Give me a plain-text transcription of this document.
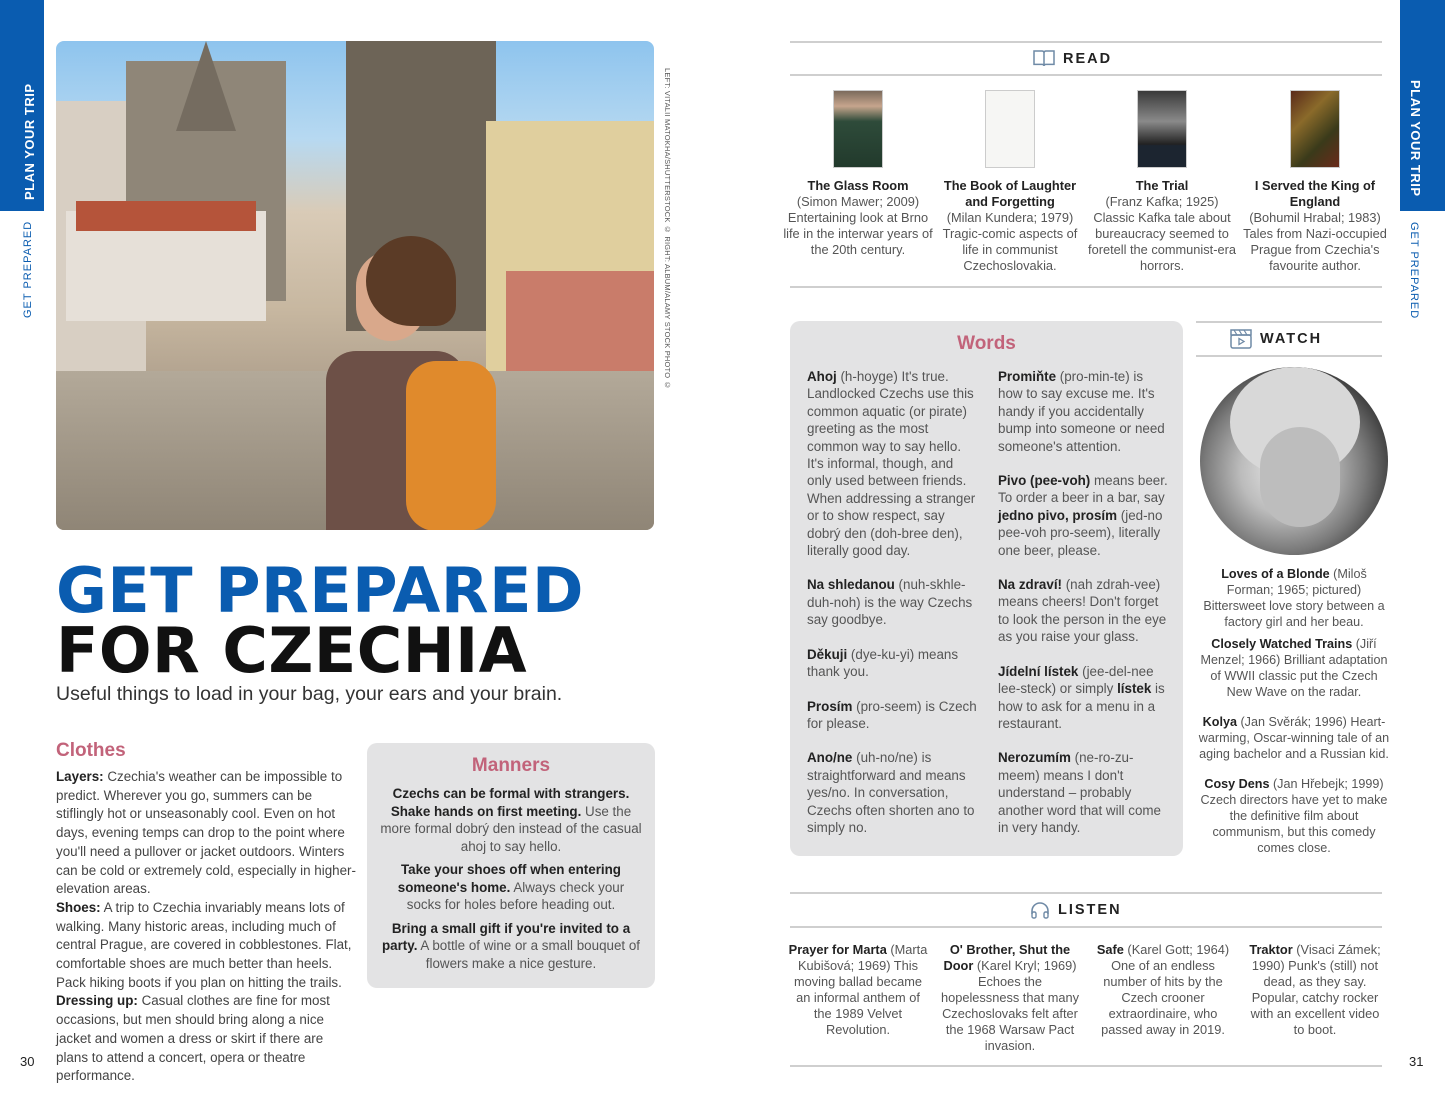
PLAN YOUR TRIP
GET PREPARED	LEFT: VITALII MATOKHA/SHUTTERSTOCK © RIGHT: ALBUM/ALAMY STOCK PHOTO ©
GET PREPARED
FOR CZECHIA
Useful things to load in your bag, your ears and your brain.
Clothes

Layers: Czechia's weather can be impossible to predict. Wherever you go, summers can be stiflingly hot or unseasonably cool. Even on hot days, evening temps can drop to the point where you'll need a pullover or jacket outdoors. Winters can be cold or extremely cold, especially in higher-elevation areas.

Shoes: A trip to Czechia invariably means lots of walking. Many historic areas, including much of central Prague, are covered in cobblestones. Flat, comfortable shoes are much better than heels. Pack hiking boots if you plan on hitting the trails.

Dressing up: Casual clothes are fine for most occasions, but men should bring along a nice jacket and women a dress or skirt if there are plans to attend a concert, opera or theatre performance.

Manners

Czechs can be formal with strangers. Shake hands on first meeting. Use the more formal dobrý den instead of the casual ahoj to say hello.

Take your shoes off when entering someone's home. Always check your socks for holes before heading out.

Bring a small gift if you're invited to a party. A bottle of wine or a small bouquet of flowers make a nice gesture.

30
PLAN YOUR TRIP
GET PREPARED
READ
The Glass Room
(Simon Mawer; 2009)
Entertaining look at Brno life in the interwar years of the 20th century.
The Book of Laughter and Forgetting
(Milan Kundera; 1979)
Tragic-comic aspects of life in communist Czechoslovakia.
The Trial
(Franz Kafka; 1925)
Classic Kafka tale about bureaucracy seemed to foretell the communist-era horrors.
I Served the King of England
(Bohumil Hrabal; 1983)
Tales from Nazi-occupied Prague from Czechia's favourite author.
Words

Ahoj (h-hoyge) It's true. Landlocked Czechs use this common aquatic (or pirate) greeting as the most common way to say hello. It's informal, though, and only used between friends. When addressing a stranger or to show respect, say dobrý den (doh-bree den), literally good day.

Na shledanou (nuh-skhle-duh-noh) is the way Czechs say goodbye.

Děkuji (dye-ku-yi) means thank you.

Prosím (pro-seem) is Czech for please.

Ano/ne (uh-no/ne) is straightforward and means yes/no. In conversation, Czechs often shorten ano to simply no.

Promiňte (pro-min-te) is how to say excuse me. It's handy if you accidentally bump into someone or need someone's attention.

Pivo (pee-voh) means beer. To order a beer in a bar, say jedno pivo, prosím (jed-no pee-voh pro-seem), literally one beer, please.

Na zdraví! (nah zdrah-vee) means cheers! Don't forget to look the person in the eye as you raise your glass.

Jídelní lístek (jee-del-nee lee-steck) or simply lístek is how to ask for a menu in a restaurant.

Nerozumím (ne-ro-zu-meem) means I don't understand – probably another word that will come in very handy.

WATCH

Loves of a Blonde (Miloš Forman; 1965; pictured) Bittersweet love story between a factory girl and her beau.

Closely Watched Trains (Jiří Menzel; 1966) Brilliant adaptation of WWII classic put the Czech New Wave on the radar.

Kolya (Jan Svěrák; 1996) Heart-warming, Oscar-winning tale of an aging bachelor and a Russian kid.

Cosy Dens (Jan Hřebejk; 1999) Czech directors have yet to make the definitive film about communism, but this comedy comes close.

LISTEN
Prayer for Marta (Marta Kubišová; 1969) This moving ballad became an informal anthem of the 1989 Velvet Revolution.
O' Brother, Shut the Door (Karel Kryl; 1969) Echoes the hopelessness that many Czechoslovaks felt after the 1968 Warsaw Pact invasion.
Safe (Karel Gott; 1964) One of an endless number of hits by the Czech crooner extraordinaire, who passed away in 2019.
Traktor (Visaci Zámek; 1990) Punk's (still) not dead, as they say. Popular, catchy rocker with an excellent video to boot.
31
